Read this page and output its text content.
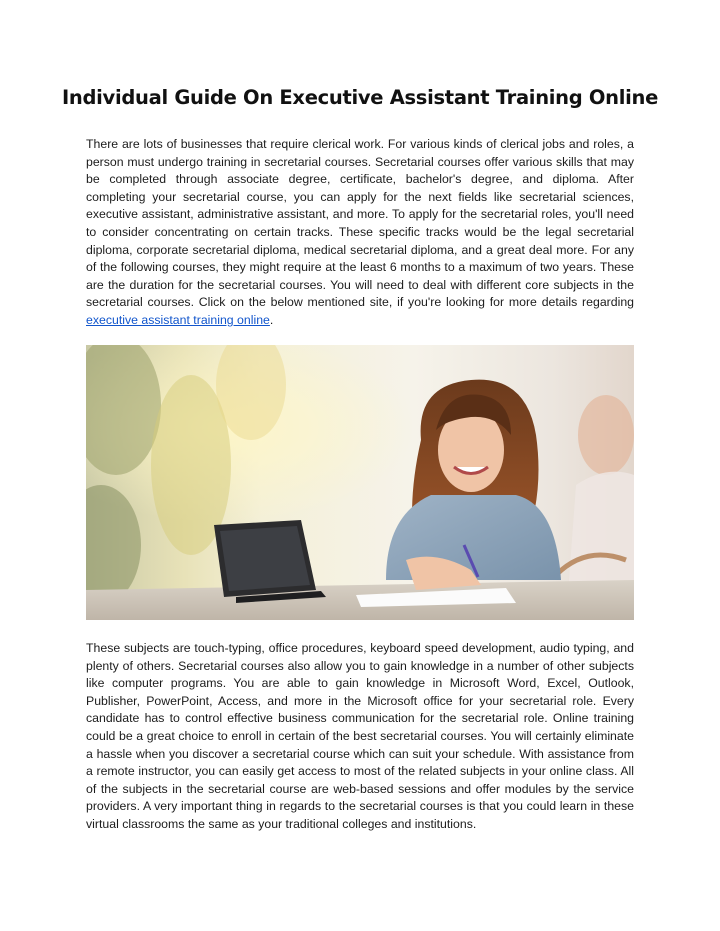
Individual Guide On Executive Assistant Training Online

There are lots of businesses that require clerical work. For various kinds of clerical jobs and roles, a person must undergo training in secretarial courses. Secretarial courses offer various skills that may be completed through associate degree, certificate, bachelor's degree, and diploma. After completing your secretarial course, you can apply for the next fields like secretarial sciences, executive assistant, administrative assistant, and more. To apply for the secretarial roles, you'll need to consider concentrating on certain tracks. These specific tracks would be the legal secretarial diploma, corporate secretarial diploma, medical secretarial diploma, and a great deal more. For any of the following courses, they might require at the least 6 months to a maximum of two years. These are the duration for the secretarial courses. You will need to deal with different core subjects in the secretarial courses. Click on the below mentioned site, if you're looking for more details regarding executive assistant training online.

These subjects are touch-typing, office procedures, keyboard speed development, audio typing, and plenty of others. Secretarial courses also allow you to gain knowledge in a number of other subjects like computer programs. You are able to gain knowledge in Microsoft Word, Excel, Outlook, Publisher, PowerPoint, Access, and more in the Microsoft office for your secretarial role. Every candidate has to control effective business communication for the secretarial role. Online training could be a great choice to enroll in certain of the best secretarial courses. You will certainly eliminate a hassle when you discover a secretarial course which can suit your schedule. With assistance from a remote instructor, you can easily get access to most of the related subjects in your online class. All of the subjects in the secretarial course are web-based sessions and offer modules by the service providers. A very important thing in regards to the secretarial courses is that you could learn in these virtual classrooms the same as your traditional colleges and institutions.
